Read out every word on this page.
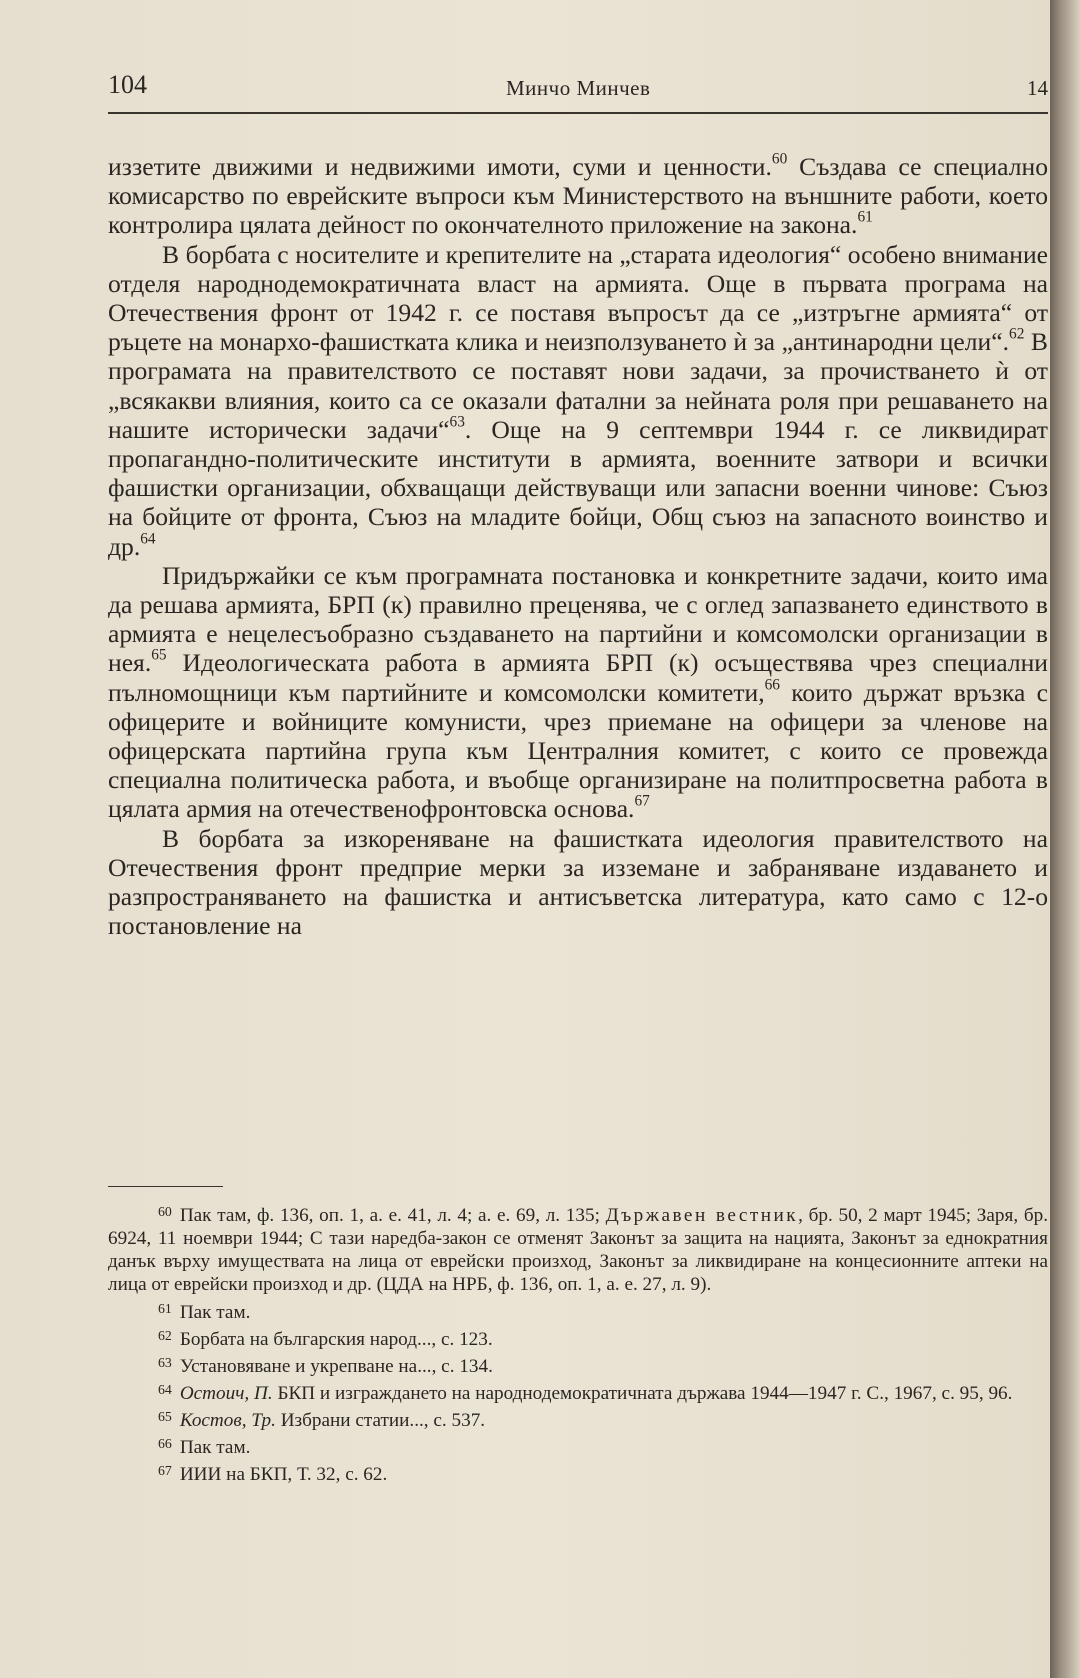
104	Минчо Минчев	14

иззетите движими и недвижими имоти, суми и ценности.$^{60}$ Създава се специално комисарство по еврейските въпроси към Министерството на външните работи, което контролира цялата дейност по окончателното приложение на закона.$^{61}$

В борбата с носителите и крепителите на „старата идеология“ особено внимание отделя народнодемократичната власт на армията. Още в първата програма на Отечествения фронт от 1942 г. се поставя въпросът да се „изтръгне армията“ от ръцете на монархо-фашистката клика и неизползуването ѝ за „антинародни цели“.$^{62}$ В програмата на правителството се поставят нови задачи, за прочистването ѝ от „всякакви влияния, които са се оказали фатални за нейната роля при решаването на нашите исторически задачи“$^{63}$. Още на 9 септември 1944 г. се ликвидират пропагандно-политическите институти в армията, военните затвори и всички фашистки организации, обхващащи действуващи или запасни военни чинове: Съюз на бойците от фронта, Съюз на младите бойци, Общ съюз на запасното воинство и др.$^{64}$

Придържайки се към програмната постановка и конкретните задачи, които има да решава армията, БРП (к) правилно преценява, че с оглед запазването единството в армията е нецелесъобразно създаването на партийни и комсомолски организации в нея.$^{65}$ Идеологическата работа в армията БРП (к) осъществява чрез специални пълномощници към партийните и комсомолски комитети,$^{66}$ които държат връзка с офицерите и войниците комунисти, чрез приемане на офицери за членове на офицерската партийна група към Централния комитет, с които се провежда специална политическа работа, и въобще организиране на политпросветна работа в цялата армия на отечественофронтовска основа.$^{67}$

В борбата за изкореняване на фашистката идеология правителството на Отечествения фронт предприе мерки за изземане и забраняване издаването и разпространяването на фашистка и антисъветска литература, като само с 12-о постановление на

$^{60}$ Пак там, ф. 136, оп. 1, а. е. 41, л. 4; а. е. 69, л. 135; Държавен вестник, бр. 50, 2 март 1945; Заря, бр. 6924, 11 ноември 1944; С тази наредба-закон се отменят Законът за защита на нацията, Законът за еднократния данък върху имуществата на лица от еврейски произход, Законът за ликвидиране на концесионните аптеки на лица от еврейски произход и др. (ЦДА на НРБ, ф. 136, оп. 1, а. е. 27, л. 9).

$^{61}$ Пак там.

$^{62}$ Борбата на българския народ..., с. 123.

$^{63}$ Установяване и укрепване на..., с. 134.

$^{64}$ Остоич, П. БКП и изграждането на народнодемократичната държава 1944—1947 г. С., 1967, с. 95, 96.

$^{65}$ Костов, Тр. Избрани статии..., с. 537.

$^{66}$ Пак там.

$^{67}$ ИИИ на БКП, Т. 32, с. 62.
